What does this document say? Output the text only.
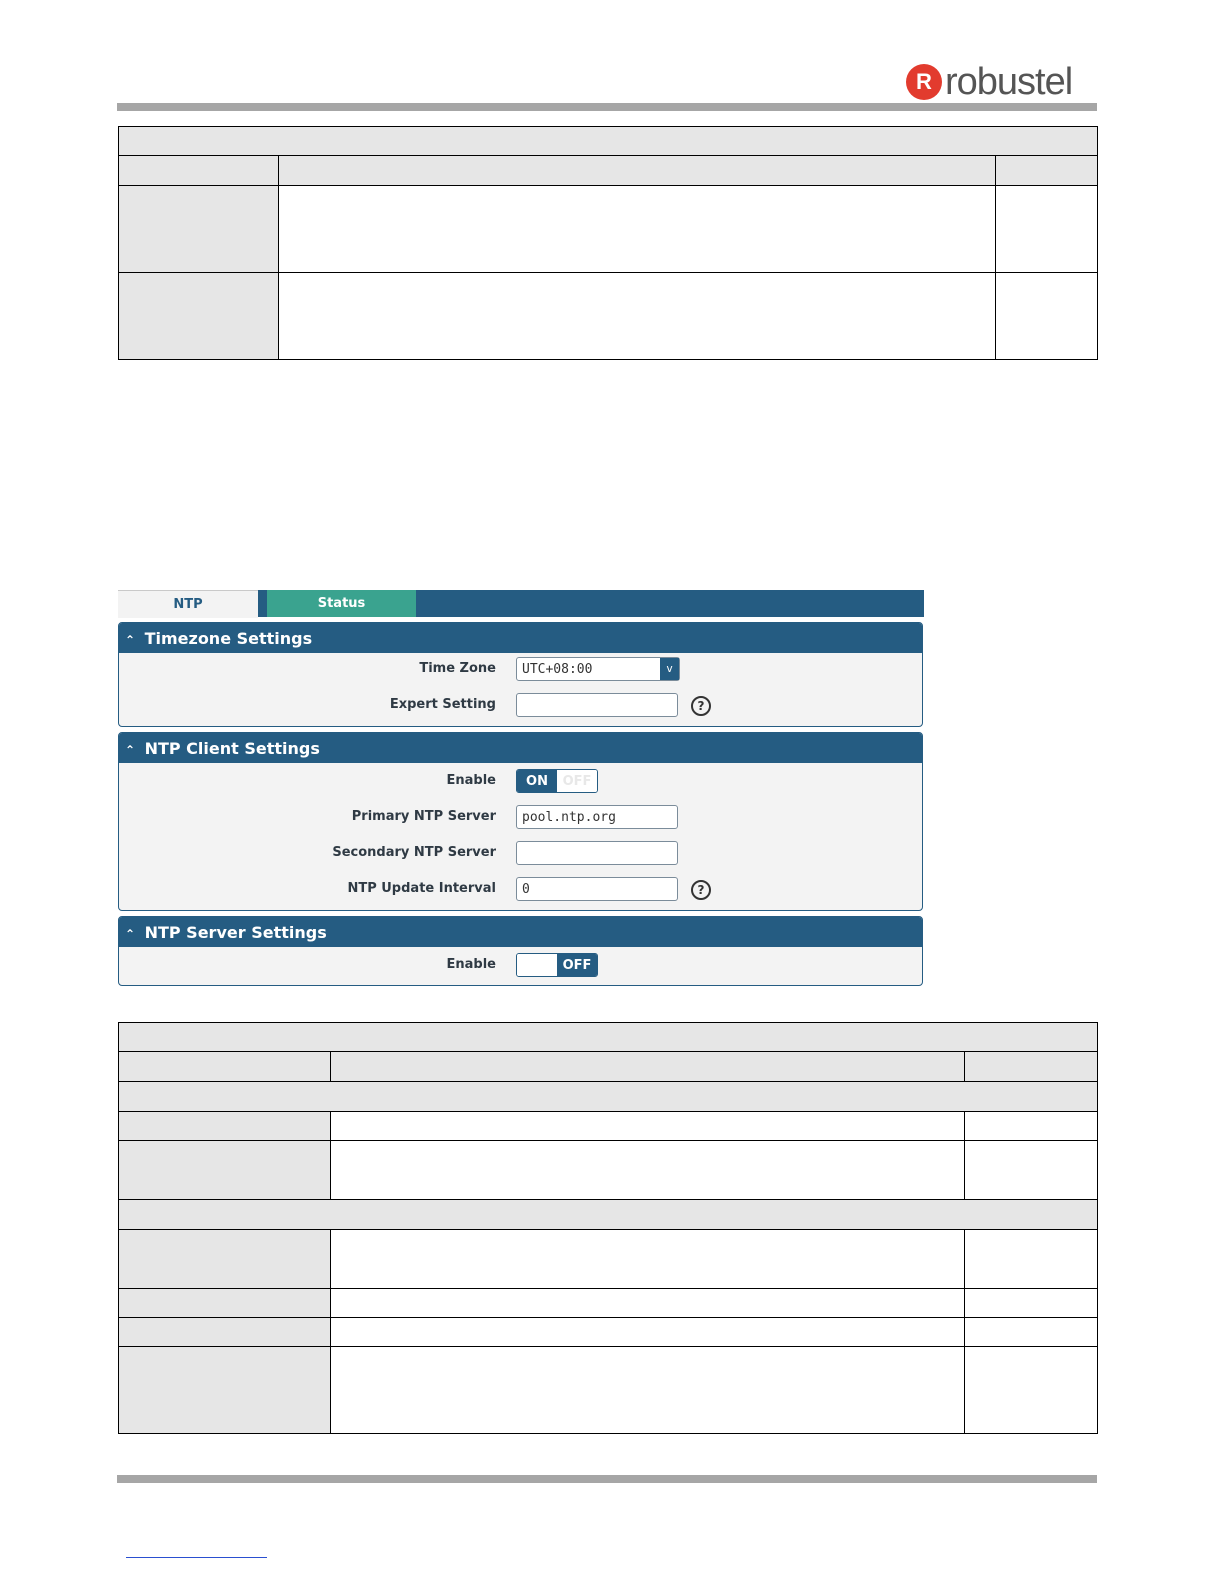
R robustel

NTP	Status
⌃ Timezone Settings
Time Zone	UTC+08:00	v
Expert Setting	?
⌃ NTP Client Settings
Enable	ON	OFF
Primary NTP Server	pool.ntp.org
Secondary NTP Server
NTP Update Interval	0	?
⌃ NTP Server Settings
Enable	OFF
